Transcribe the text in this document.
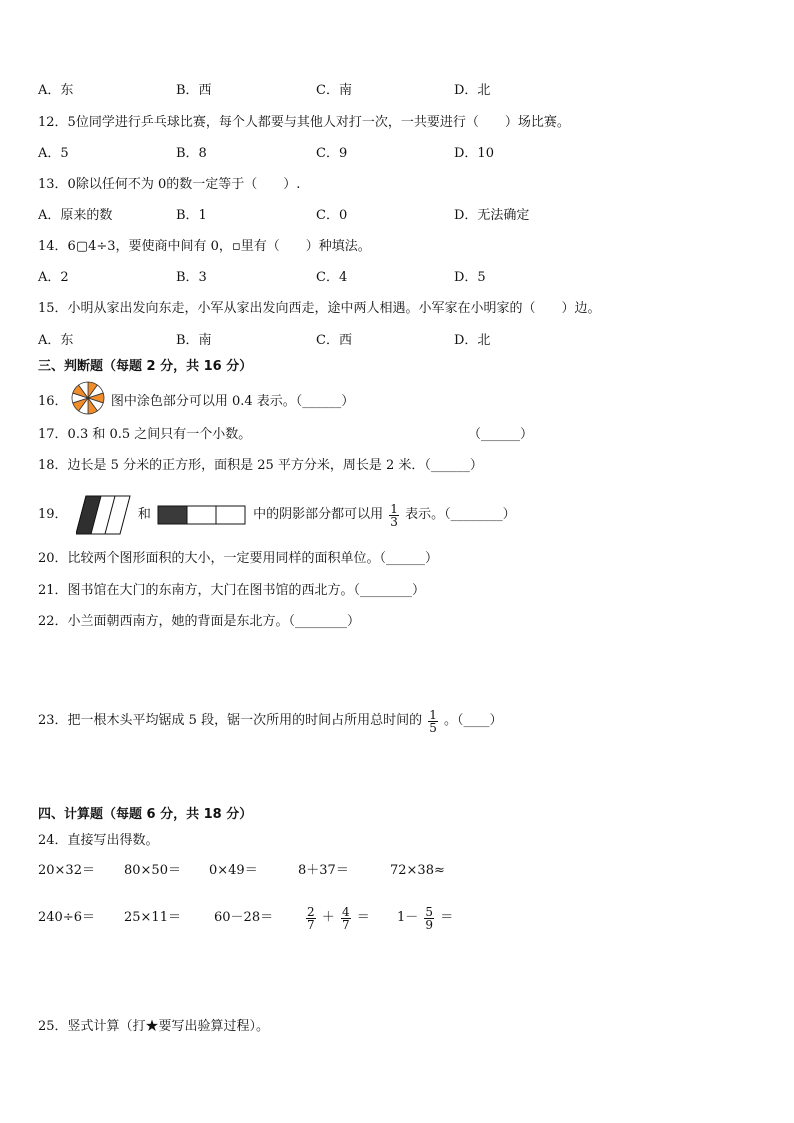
A．东	B．西	C．南	D．北
12．5位同学进行乒乓球比赛，每个人都要与其他人对打一次，一共要进行（　　）场比赛。
A．5	B．8	C．9	D．10
13．0除以任何不为 0的数一定等于（　　）.
A．原来的数	B．1	C．0	D．无法确定
14．6▢4÷3，要使商中间有 0，▫里有（　　）种填法。
A．2	B．3	C．4	D．5
15．小明从家出发向东走，小军从家出发向西走，途中两人相遇。小军家在小明家的（　　）边。
A．东	B．南	C．西	D．北
三、判断题（每题 2 分，共 16 分）
16．	图中涂色部分可以用 0.4 表示。（______）
17．0.3 和 0.5 之间只有一个小数。	（______）
18．边长是 5 分米的正方形，面积是 25 平方分米，周长是 2 米．（______）
19．	和	中的阴影部分都可以用 $\frac{1}{3}$ 表示。（________）
20．比较两个图形面积的大小，一定要用同样的面积单位。（______）
21．图书馆在大门的东南方，大门在图书馆的西北方。（________）
22．小兰面朝西南方，她的背面是东北方。（________）
23．把一根木头平均锯成 5 段，锯一次所用的时间占所用总时间的 $\frac{1}{5}$ 。（____）
四、计算题（每题 6 分，共 18 分）
24．直接写出得数。
20×32＝ 80×50＝ 0×49＝	8＋37＝	72×38≈
240÷6＝ 25×11＝	60－28＝	$\frac{2}{7} + \frac{4}{7} = 1- \frac{5}{9}$ ＝
25．竖式计算（打★要写出验算过程）。
